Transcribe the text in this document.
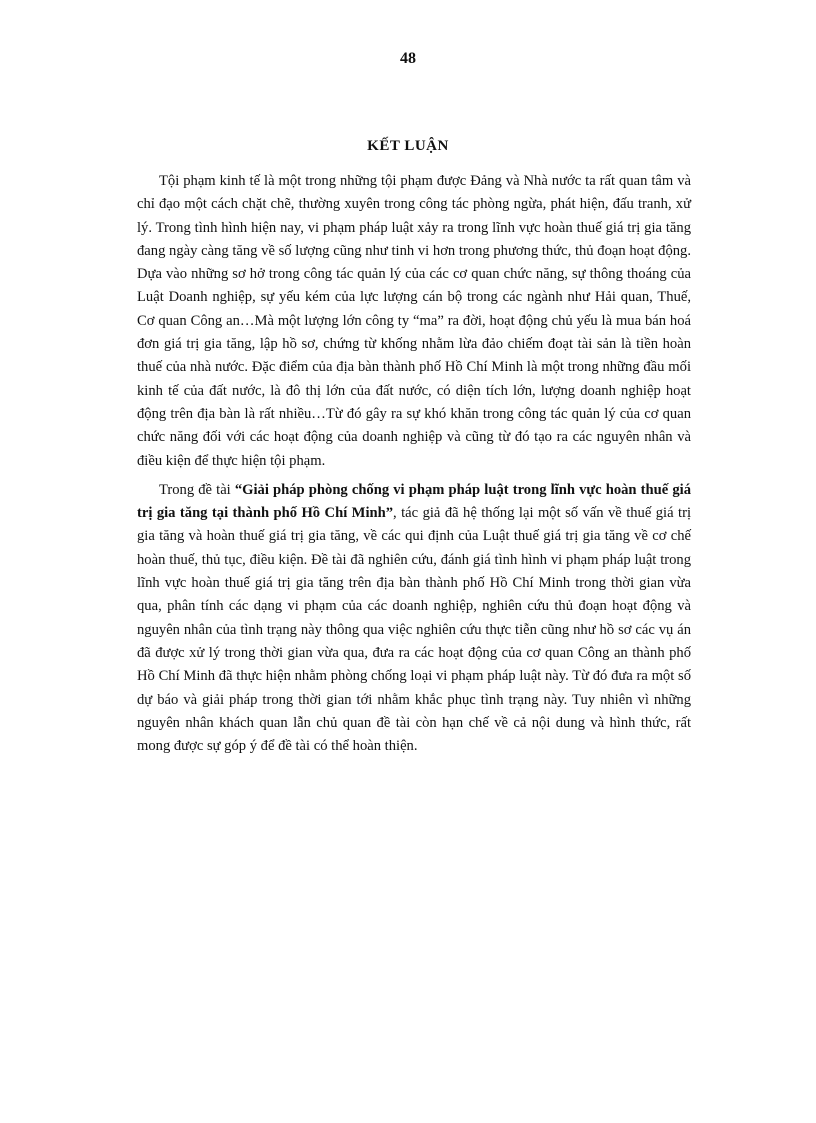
48
KẾT LUẬN

Tội phạm kinh tế là một trong những tội phạm được Đảng và Nhà nước ta rất quan tâm và chỉ đạo một cách chặt chẽ, thường xuyên trong công tác phòng ngừa, phát hiện, đấu tranh, xử lý. Trong tình hình hiện nay, vi phạm pháp luật xảy ra trong lĩnh vực hoàn thuế giá trị gia tăng đang ngày càng tăng về số lượng cũng như tinh vi hơn trong phương thức, thủ đoạn hoạt động. Dựa vào những sơ hở trong công tác quản lý của các cơ quan chức năng, sự thông thoáng của Luật Doanh nghiệp, sự yếu kém của lực lượng cán bộ trong các ngành như Hải quan, Thuế, Cơ quan Công an…Mà một lượng lớn công ty “ma” ra đời, hoạt động chủ yếu là mua bán hoá đơn giá trị gia tăng, lập hồ sơ, chứng từ khống nhằm lừa đảo chiếm đoạt tài sản là tiền hoàn thuế của nhà nước. Đặc điểm của địa bàn thành phố Hồ Chí Minh là một trong những đầu mối kinh tế của đất nước, là đô thị lớn của đất nước, có diện tích lớn, lượng doanh nghiệp hoạt động trên địa bàn là rất nhiều…Từ đó gây ra sự khó khăn trong công tác quản lý của cơ quan chức năng đối với các hoạt động của doanh nghiệp và cũng từ đó tạo ra các nguyên nhân và điều kiện để thực hiện tội phạm.

Trong đề tài “Giải pháp phòng chống vi phạm pháp luật trong lĩnh vực hoàn thuế giá trị gia tăng tại thành phố Hồ Chí Minh”, tác giả đã hệ thống lại một số vấn về thuế giá trị gia tăng và hoàn thuế giá trị gia tăng, về các qui định của Luật thuế giá trị gia tăng về cơ chế hoàn thuế, thủ tục, điều kiện. Đề tài đã nghiên cứu, đánh giá tình hình vi phạm pháp luật trong lĩnh vực hoàn thuế giá trị gia tăng trên địa bàn thành phố Hồ Chí Minh trong thời gian vừa qua, phân tính các dạng vi phạm của các doanh nghiệp, nghiên cứu thủ đoạn hoạt động và nguyên nhân của tình trạng này thông qua việc nghiên cứu thực tiễn cũng như hồ sơ các vụ án đã được xử lý trong thời gian vừa qua, đưa ra các hoạt động của cơ quan Công an thành phố Hồ Chí Minh đã thực hiện nhằm phòng chống loại vi phạm pháp luật này. Từ đó đưa ra một số dự báo và giải pháp trong thời gian tới nhằm khắc phục tình trạng này. Tuy nhiên vì những nguyên nhân khách quan lẫn chủ quan đề tài còn hạn chế về cả nội dung và hình thức, rất mong được sự góp ý để đề tài có thể hoàn thiện.
